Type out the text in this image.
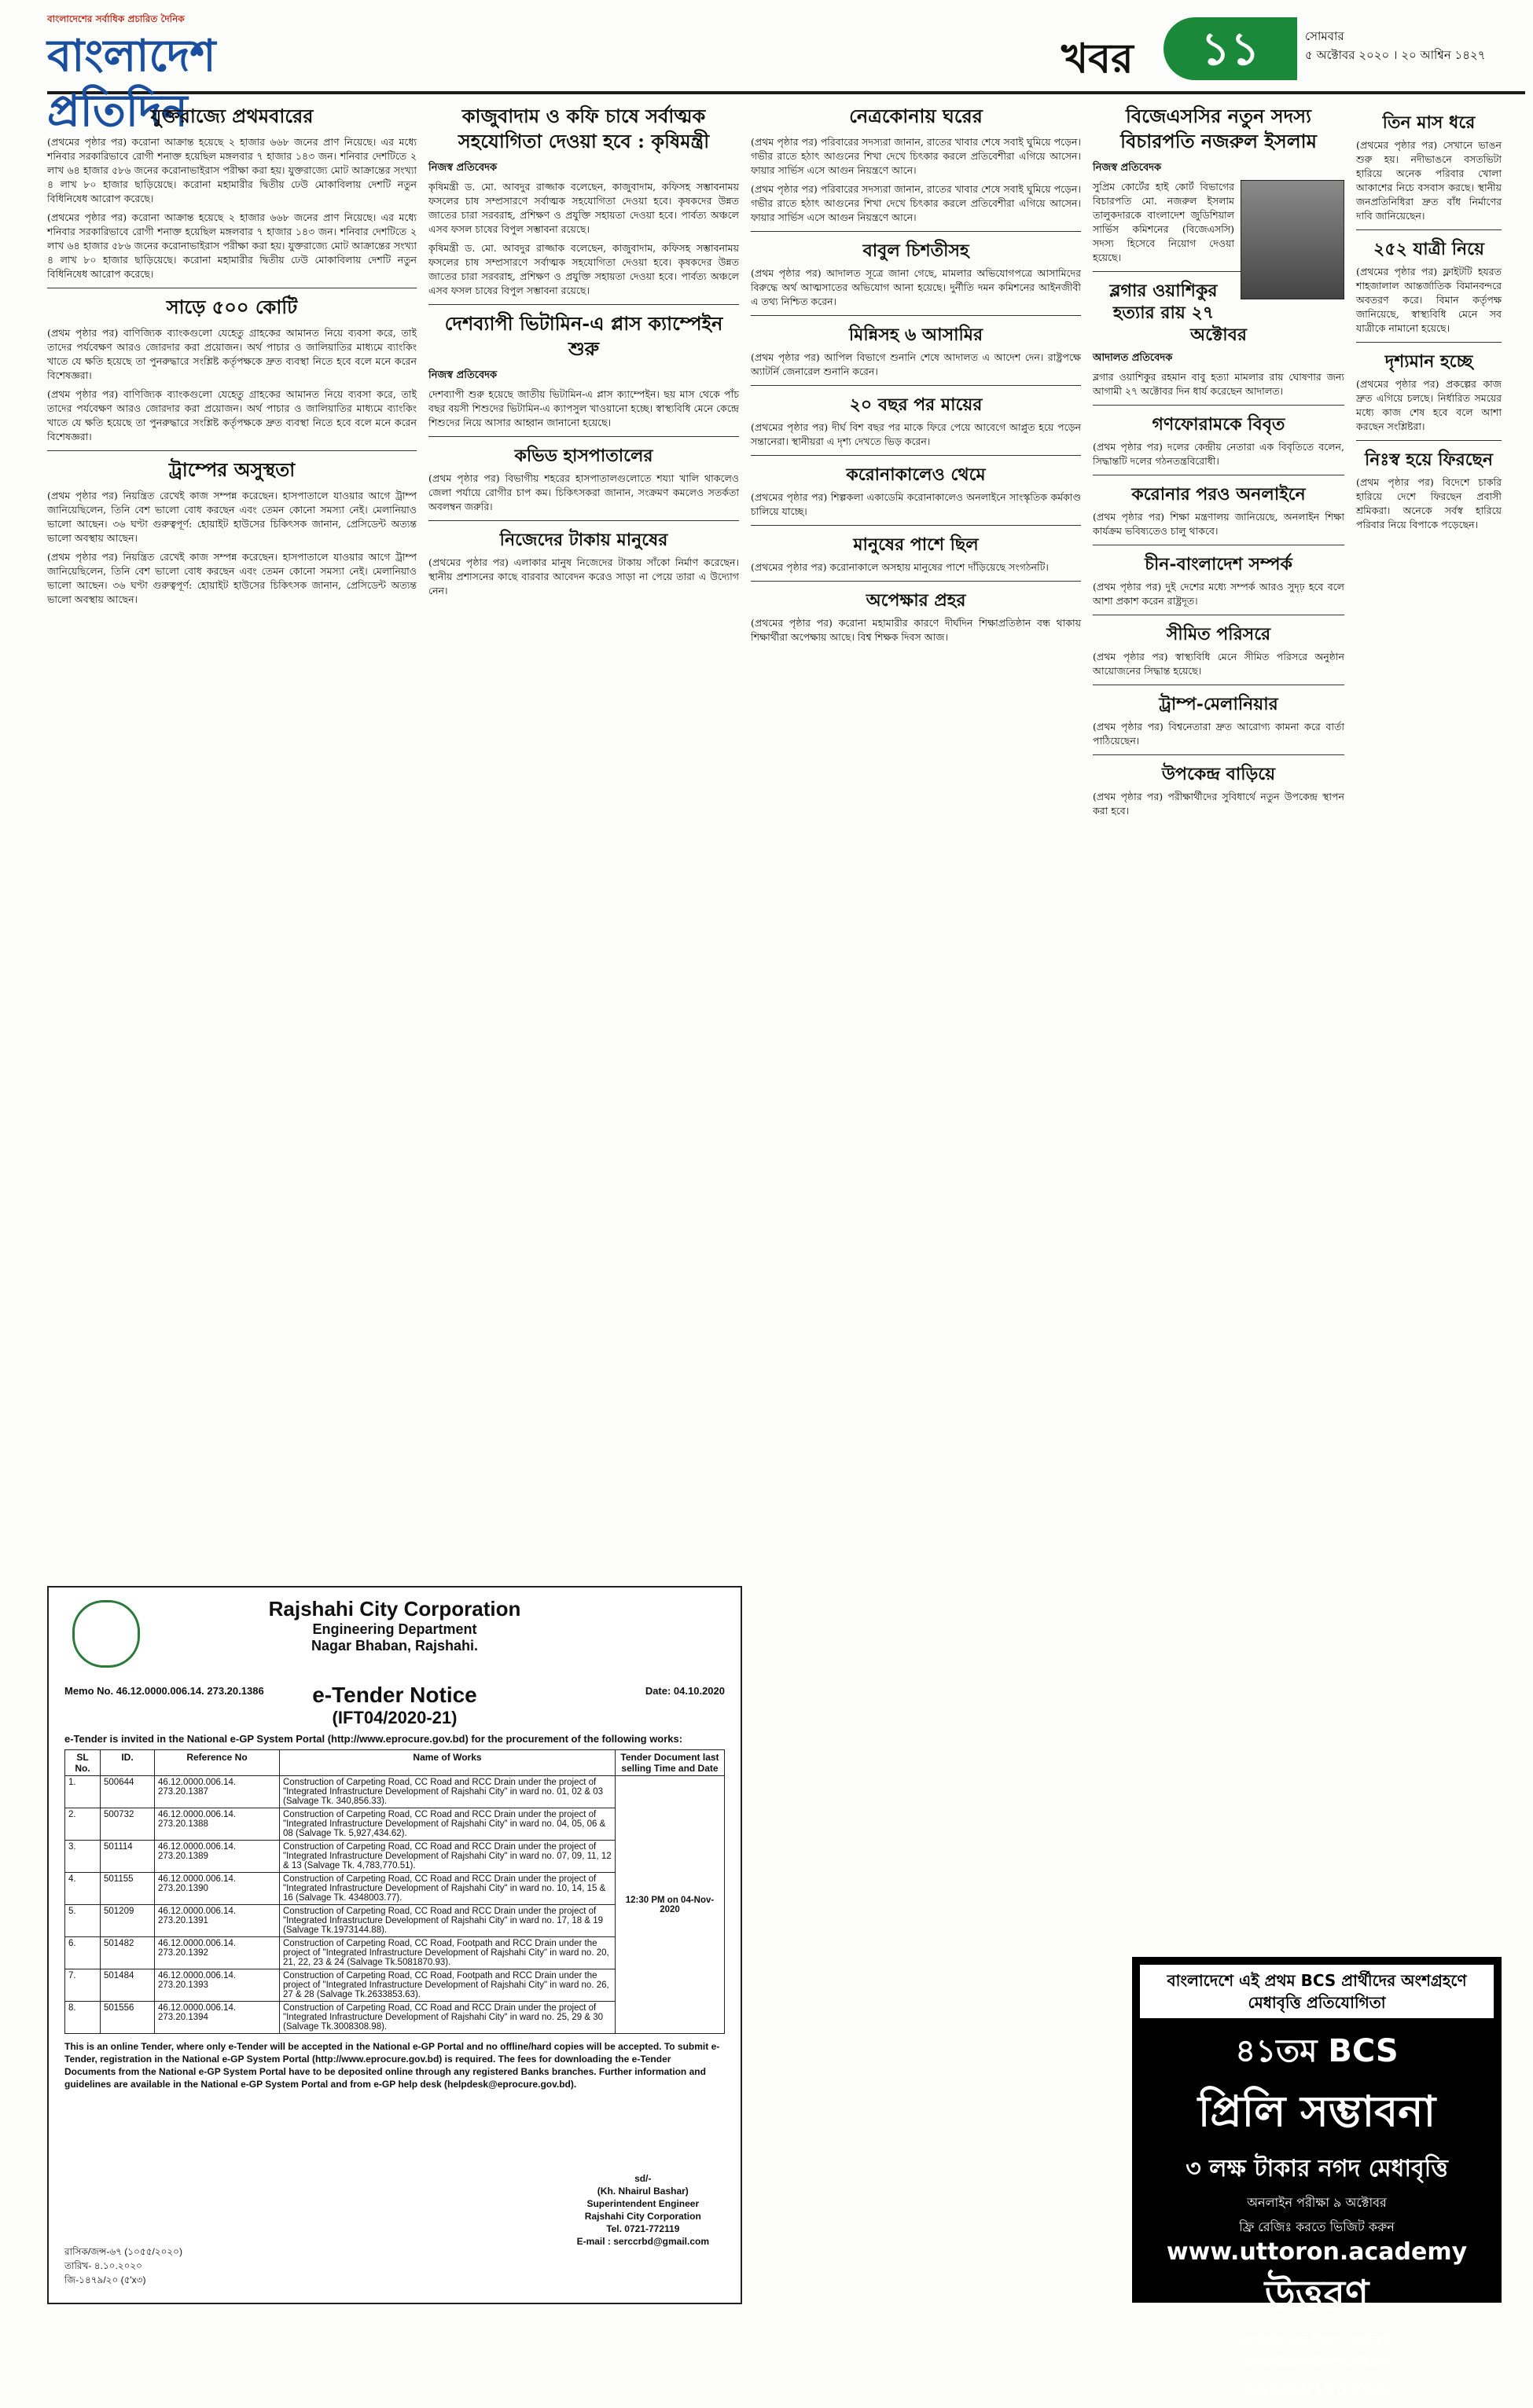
বাংলাদেশের সর্বাধিক প্রচারিত দৈনিক
বাংলাদেশ প্রতিদিন
খবর	১১	সোমবার
৫ অক্টোবর ২০২০ । ২০ আশ্বিন ১৪২৭
যুক্তরাজ্যে প্রথমবারের

(প্রথমের পৃষ্ঠার পর) করোনা আক্রান্ত হয়েছে ২ হাজার ৬৬৮ জনের প্রাণ নিয়েছে। এর মধ্যে শনিবার সরকারিভাবে রোগী শনাক্ত হয়েছিল মঙ্গলবার ৭ হাজার ১৪৩ জন। শনিবার দেশটিতে ২ লাখ ৬৪ হাজার ৫৮৬ জনের করোনাভাইরাস পরীক্ষা করা হয়। যুক্তরাজ্যে মোট আক্রান্তের সংখ্যা ৪ লাখ ৮০ হাজার ছাড়িয়েছে। করোনা মহামারীর দ্বিতীয় ঢেউ মোকাবিলায় দেশটি নতুন বিধিনিষেধ আরোপ করেছে।

(প্রথমের পৃষ্ঠার পর) করোনা আক্রান্ত হয়েছে ২ হাজার ৬৬৮ জনের প্রাণ নিয়েছে। এর মধ্যে শনিবার সরকারিভাবে রোগী শনাক্ত হয়েছিল মঙ্গলবার ৭ হাজার ১৪৩ জন। শনিবার দেশটিতে ২ লাখ ৬৪ হাজার ৫৮৬ জনের করোনাভাইরাস পরীক্ষা করা হয়। যুক্তরাজ্যে মোট আক্রান্তের সংখ্যা ৪ লাখ ৮০ হাজার ছাড়িয়েছে। করোনা মহামারীর দ্বিতীয় ঢেউ মোকাবিলায় দেশটি নতুন বিধিনিষেধ আরোপ করেছে।

সাড়ে ৫০০ কোটি

(প্রথম পৃষ্ঠার পর) বাণিজ্যিক ব্যাংকগুলো যেহেতু গ্রাহকের আমানত নিয়ে ব্যবসা করে, তাই তাদের পর্যবেক্ষণ আরও জোরদার করা প্রয়োজন। অর্থ পাচার ও জালিয়াতির মাধ্যমে ব্যাংকিং খাতে যে ক্ষতি হয়েছে তা পুনরুদ্ধারে সংশ্লিষ্ট কর্তৃপক্ষকে দ্রুত ব্যবস্থা নিতে হবে বলে মনে করেন বিশেষজ্ঞরা।

(প্রথম পৃষ্ঠার পর) বাণিজ্যিক ব্যাংকগুলো যেহেতু গ্রাহকের আমানত নিয়ে ব্যবসা করে, তাই তাদের পর্যবেক্ষণ আরও জোরদার করা প্রয়োজন। অর্থ পাচার ও জালিয়াতির মাধ্যমে ব্যাংকিং খাতে যে ক্ষতি হয়েছে তা পুনরুদ্ধারে সংশ্লিষ্ট কর্তৃপক্ষকে দ্রুত ব্যবস্থা নিতে হবে বলে মনে করেন বিশেষজ্ঞরা।

ট্রাম্পের অসুস্থতা

(প্রথম পৃষ্ঠার পর) নিয়ন্ত্রিত রেখেই কাজ সম্পন্ন করেছেন। হাসপাতালে যাওয়ার আগে ট্রাম্প জানিয়েছিলেন, তিনি বেশ ভালো বোধ করছেন এবং তেমন কোনো সমস্যা নেই। মেলানিয়াও ভালো আছেন। ৩৬ ঘণ্টা গুরুত্বপূর্ণ: হোয়াইট হাউসের চিকিৎসক জানান, প্রেসিডেন্ট অত্যন্ত ভালো অবস্থায় আছেন।

(প্রথম পৃষ্ঠার পর) নিয়ন্ত্রিত রেখেই কাজ সম্পন্ন করেছেন। হাসপাতালে যাওয়ার আগে ট্রাম্প জানিয়েছিলেন, তিনি বেশ ভালো বোধ করছেন এবং তেমন কোনো সমস্যা নেই। মেলানিয়াও ভালো আছেন। ৩৬ ঘণ্টা গুরুত্বপূর্ণ: হোয়াইট হাউসের চিকিৎসক জানান, প্রেসিডেন্ট অত্যন্ত ভালো অবস্থায় আছেন।

কাজুবাদাম ও কফি চাষে সর্বাত্মক সহযোগিতা দেওয়া হবে : কৃষিমন্ত্রী
নিজস্ব প্রতিবেদক

কৃষিমন্ত্রী ড. মো. আবদুর রাজ্জাক বলেছেন, কাজুবাদাম, কফিসহ সম্ভাবনাময় ফসলের চাষ সম্প্রসারণে সর্বাত্মক সহযোগিতা দেওয়া হবে। কৃষকদের উন্নত জাতের চারা সরবরাহ, প্রশিক্ষণ ও প্রযুক্তি সহায়তা দেওয়া হবে। পার্বত্য অঞ্চলে এসব ফসল চাষের বিপুল সম্ভাবনা রয়েছে।

কৃষিমন্ত্রী ড. মো. আবদুর রাজ্জাক বলেছেন, কাজুবাদাম, কফিসহ সম্ভাবনাময় ফসলের চাষ সম্প্রসারণে সর্বাত্মক সহযোগিতা দেওয়া হবে। কৃষকদের উন্নত জাতের চারা সরবরাহ, প্রশিক্ষণ ও প্রযুক্তি সহায়তা দেওয়া হবে। পার্বত্য অঞ্চলে এসব ফসল চাষের বিপুল সম্ভাবনা রয়েছে।

দেশব্যাপী ভিটামিন-এ প্লাস ক্যাম্পেইন শুরু
নিজস্ব প্রতিবেদক

দেশব্যাপী শুরু হয়েছে জাতীয় ভিটামিন-এ প্লাস ক্যাম্পেইন। ছয় মাস থেকে পাঁচ বছর বয়সী শিশুদের ভিটামিন-এ ক্যাপসুল খাওয়ানো হচ্ছে। স্বাস্থ্যবিধি মেনে কেন্দ্রে শিশুদের নিয়ে আসার আহ্বান জানানো হয়েছে।

কভিড হাসপাতালের

(প্রথম পৃষ্ঠার পর) বিভাগীয় শহরের হাসপাতালগুলোতে শয্যা খালি থাকলেও জেলা পর্যায়ে রোগীর চাপ কম। চিকিৎসকরা জানান, সংক্রমণ কমলেও সতর্কতা অবলম্বন জরুরি।

নিজেদের টাকায় মানুষের

(প্রথমের পৃষ্ঠার পর) এলাকার মানুষ নিজেদের টাকায় সাঁকো নির্মাণ করেছেন। স্থানীয় প্রশাসনের কাছে বারবার আবেদন করেও সাড়া না পেয়ে তারা এ উদ্যোগ নেন।

নেত্রকোনায় ঘরের

(প্রথম পৃষ্ঠার পর) পরিবারের সদস্যরা জানান, রাতের খাবার শেষে সবাই ঘুমিয়ে পড়েন। গভীর রাতে হঠাৎ আগুনের শিখা দেখে চিৎকার করলে প্রতিবেশীরা এগিয়ে আসেন। ফায়ার সার্ভিস এসে আগুন নিয়ন্ত্রণে আনে।

(প্রথম পৃষ্ঠার পর) পরিবারের সদস্যরা জানান, রাতের খাবার শেষে সবাই ঘুমিয়ে পড়েন। গভীর রাতে হঠাৎ আগুনের শিখা দেখে চিৎকার করলে প্রতিবেশীরা এগিয়ে আসেন। ফায়ার সার্ভিস এসে আগুন নিয়ন্ত্রণে আনে।

বাবুল চিশতীসহ

(প্রথম পৃষ্ঠার পর) আদালত সূত্রে জানা গেছে, মামলার অভিযোগপত্রে আসামিদের বিরুদ্ধে অর্থ আত্মসাতের অভিযোগ আনা হয়েছে। দুর্নীতি দমন কমিশনের আইনজীবী এ তথ্য নিশ্চিত করেন।

মিন্নিসহ ৬ আসামির

(প্রথম পৃষ্ঠার পর) আপিল বিভাগে শুনানি শেষে আদালত এ আদেশ দেন। রাষ্ট্রপক্ষে অ্যাটর্নি জেনারেল শুনানি করেন।

২০ বছর পর মায়ের

(প্রথমের পৃষ্ঠার পর) দীর্ঘ বিশ বছর পর মাকে ফিরে পেয়ে আবেগে আপ্লুত হয়ে পড়েন সন্তানেরা। স্থানীয়রা এ দৃশ্য দেখতে ভিড় করেন।

করোনাকালেও থেমে

(প্রথমের পৃষ্ঠার পর) শিল্পকলা একাডেমি করোনাকালেও অনলাইনে সাংস্কৃতিক কর্মকাণ্ড চালিয়ে যাচ্ছে।

মানুষের পাশে ছিল

(প্রথমের পৃষ্ঠার পর) করোনাকালে অসহায় মানুষের পাশে দাঁড়িয়েছে সংগঠনটি।

অপেক্ষার প্রহর

(প্রথমের পৃষ্ঠার পর) করোনা মহামারীর কারণে দীর্ঘদিন শিক্ষাপ্রতিষ্ঠান বন্ধ থাকায় শিক্ষার্থীরা অপেক্ষায় আছে। বিশ্ব শিক্ষক দিবস আজ।

বিজেএসসির নতুন সদস্য বিচারপতি নজরুল ইসলাম
নিজস্ব প্রতিবেদক

সুপ্রিম কোর্টের হাই কোর্ট বিভাগের বিচারপতি মো. নজরুল ইসলাম তালুকদারকে বাংলাদেশ জুডিশিয়াল সার্ভিস কমিশনের (বিজেএসসি) সদস্য হিসেবে নিয়োগ দেওয়া হয়েছে।

ব্লগার ওয়াশিকুর হত্যার রায় ২৭ অক্টোবর
আদালত প্রতিবেদক

ব্লগার ওয়াশিকুর রহমান বাবু হত্যা মামলার রায় ঘোষণার জন্য আগামী ২৭ অক্টোবর দিন ধার্য করেছেন আদালত।

গণফোরামকে বিবৃত

(প্রথম পৃষ্ঠার পর) দলের কেন্দ্রীয় নেতারা এক বিবৃতিতে বলেন, সিদ্ধান্তটি দলের গঠনতন্ত্রবিরোধী।

করোনার পরও অনলাইনে

(প্রথম পৃষ্ঠার পর) শিক্ষা মন্ত্রণালয় জানিয়েছে, অনলাইন শিক্ষা কার্যক্রম ভবিষ্যতেও চালু থাকবে।

চীন-বাংলাদেশ সম্পর্ক

(প্রথম পৃষ্ঠার পর) দুই দেশের মধ্যে সম্পর্ক আরও সুদৃঢ় হবে বলে আশা প্রকাশ করেন রাষ্ট্রদূত।

সীমিত পরিসরে

(প্রথম পৃষ্ঠার পর) স্বাস্থ্যবিধি মেনে সীমিত পরিসরে অনুষ্ঠান আয়োজনের সিদ্ধান্ত হয়েছে।

ট্রাম্প-মেলানিয়ার

(প্রথম পৃষ্ঠার পর) বিশ্বনেতারা দ্রুত আরোগ্য কামনা করে বার্তা পাঠিয়েছেন।

উপকেন্দ্র বাড়িয়ে

(প্রথম পৃষ্ঠার পর) পরীক্ষার্থীদের সুবিধার্থে নতুন উপকেন্দ্র স্থাপন করা হবে।

তিন মাস ধরে

(প্রথমের পৃষ্ঠার পর) সেখানে ভাঙন শুরু হয়। নদীভাঙনে বসতভিটা হারিয়ে অনেক পরিবার খোলা আকাশের নিচে বসবাস করছে। স্থানীয় জনপ্রতিনিধিরা দ্রুত বাঁধ নির্মাণের দাবি জানিয়েছেন।

২৫২ যাত্রী নিয়ে

(প্রথমের পৃষ্ঠার পর) ফ্লাইটটি হযরত শাহজালাল আন্তর্জাতিক বিমানবন্দরে অবতরণ করে। বিমান কর্তৃপক্ষ জানিয়েছে, স্বাস্থ্যবিধি মেনে সব যাত্রীকে নামানো হয়েছে।

দৃশ্যমান হচ্ছে

(প্রথমের পৃষ্ঠার পর) প্রকল্পের কাজ দ্রুত এগিয়ে চলছে। নির্ধারিত সময়ের মধ্যে কাজ শেষ হবে বলে আশা করছেন সংশ্লিষ্টরা।

নিঃস্ব হয়ে ফিরছেন

(প্রথম পৃষ্ঠার পর) বিদেশে চাকরি হারিয়ে দেশে ফিরছেন প্রবাসী শ্রমিকরা। অনেকে সর্বস্ব হারিয়ে পরিবার নিয়ে বিপাকে পড়েছেন।

Rajshahi City Corporation
Engineering Department
Nagar Bhaban, Rajshahi.
Memo No. 46.12.0000.006.14. 273.20.1386	Date: 04.10.2020
e-Tender Notice
(IFT04/2020-21)
e-Tender is invited in the National e-GP System Portal (http://www.eprocure.gov.bd) for the procurement of the following works:
SL No.	ID.	Reference No	Name of Works	Tender Document last selling Time and Date
1.	500644	46.12.0000.006.14. 273.20.1387	Construction of Carpeting Road, CC Road and RCC Drain under the project of "Integrated Infrastructure Development of Rajshahi City" in ward no. 01, 02 & 03 (Salvage Tk. 340,856.33).	12:30 PM on 04-Nov-2020
2.	500732	46.12.0000.006.14. 273.20.1388	Construction of Carpeting Road, CC Road and RCC Drain under the project of "Integrated Infrastructure Development of Rajshahi City" in ward no. 04, 05, 06 & 08 (Salvage Tk. 5,927,434.62).	
3.	501114	46.12.0000.006.14. 273.20.1389	Construction of Carpeting Road, CC Road and RCC Drain under the project of "Integrated Infrastructure Development of Rajshahi City" in ward no. 07, 09, 11, 12 & 13 (Salvage Tk. 4,783,770.51).	
4.	501155	46.12.0000.006.14. 273.20.1390	Construction of Carpeting Road, CC Road and RCC Drain under the project of "Integrated Infrastructure Development of Rajshahi City" in ward no. 10, 14, 15 & 16 (Salvage Tk. 4348003.77).	
5.	501209	46.12.0000.006.14. 273.20.1391	Construction of Carpeting Road, CC Road and RCC Drain under the project of "Integrated Infrastructure Development of Rajshahi City" in ward no. 17, 18 & 19 (Salvage Tk.1973144.88).	
6.	501482	46.12.0000.006.14. 273.20.1392	Construction of Carpeting Road, CC Road, Footpath and RCC Drain under the project of "Integrated Infrastructure Development of Rajshahi City" in ward no. 20, 21, 22, 23 & 24 (Salvage Tk.5081870.93).	
7.	501484	46.12.0000.006.14. 273.20.1393	Construction of Carpeting Road, CC Road, Footpath and RCC Drain under the project of "Integrated Infrastructure Development of Rajshahi City" in ward no. 26, 27 & 28 (Salvage Tk.2633853.63).	
8.	501556	46.12.0000.006.14. 273.20.1394	Construction of Carpeting Road, CC Road and RCC Drain under the project of "Integrated Infrastructure Development of Rajshahi City" in ward no. 25, 29 & 30 (Salvage Tk.3008308.98).	
This is an online Tender, where only e-Tender will be accepted in the National e-GP Portal and no offline/hard copies will be accepted. To submit e-Tender, registration in the National e-GP System Portal (http://www.eprocure.gov.bd) is required. The fees for downloading the e-Tender Documents from the National e-GP System Portal have to be deposited online through any registered Banks branches. Further information and guidelines are available in the National e-GP System Portal and from e-GP help desk (helpdesk@eprocure.gov.bd).
sd/-
(Kh. Nhairul Bashar)
Superintendent Engineer
Rajshahi City Corporation
Tel. 0721-772119
E-mail : serccrbd@gmail.com
রাসিক/জন্স-৬৭ (১০৫৫/২০২০)
তারিখ- ৪.১০.২০২০
জি-১৪৭৯/২০ (৫'x৩)
বাংলাদেশে এই প্রথম BCS প্রার্থীদের অংশগ্রহণে মেধাবৃত্তি প্রতিযোগিতা
৪১তম BCS
প্রিলি সম্ভাবনা
৩ লক্ষ টাকার নগদ মেধাবৃত্তি
অনলাইন পরীক্ষা ৯ অক্টোবর
ফ্রি রেজিঃ করতে ভিজিট করুন
www.uttoron.academy
উত্তরণ
ক্যারিয়ার এন্ড স্কিলস একাডেমি
একটি উদ্ভাস-উন্মেষ প্রতিষ্ঠান
০৯৬৬৬৭৭৫৫৬৬
